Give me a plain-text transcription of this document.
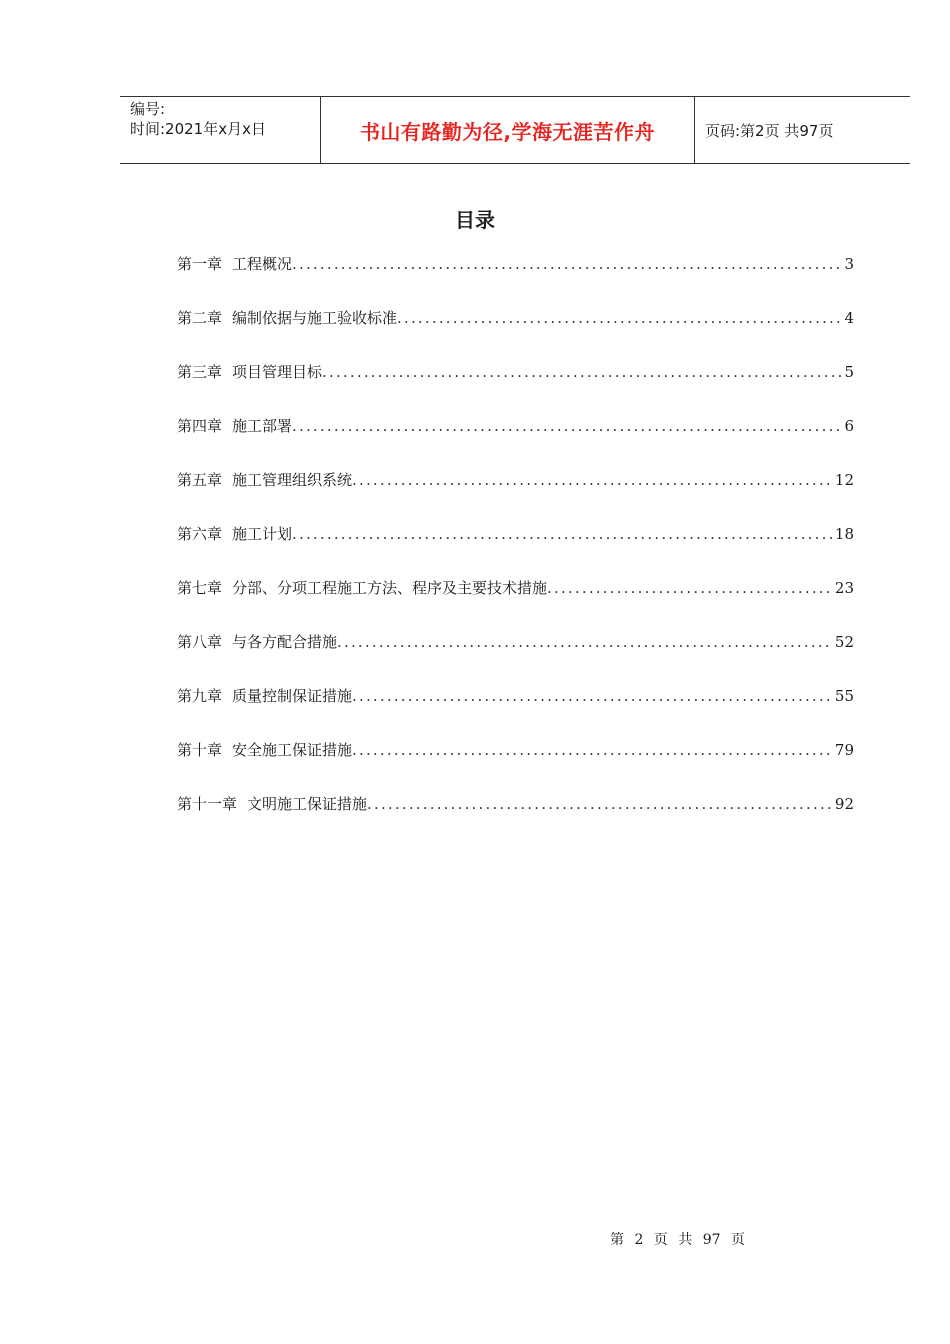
编号:
时间:2021年x月x日	书山有路勤为径,学海无涯苦作舟	页码:第2页 共97页
目录
第一章 工程概况 .....	3
第二章 编制依据与施工验收标准 .....	4
第三章 项目管理目标 .....	5
第四章 施工部署 .....	6
第五章 施工管理组织系统 .....	12
第六章 施工计划 .....	18
第七章 分部、分项工程施工方法、程序及主要技术措施 .....	23
第八章 与各方配合措施 .....	52
第九章 质量控制保证措施 .....	55
第十章 安全施工保证措施 .....	79
第十一章 文明施工保证措施 .....	92
第 2 页 共 97 页
